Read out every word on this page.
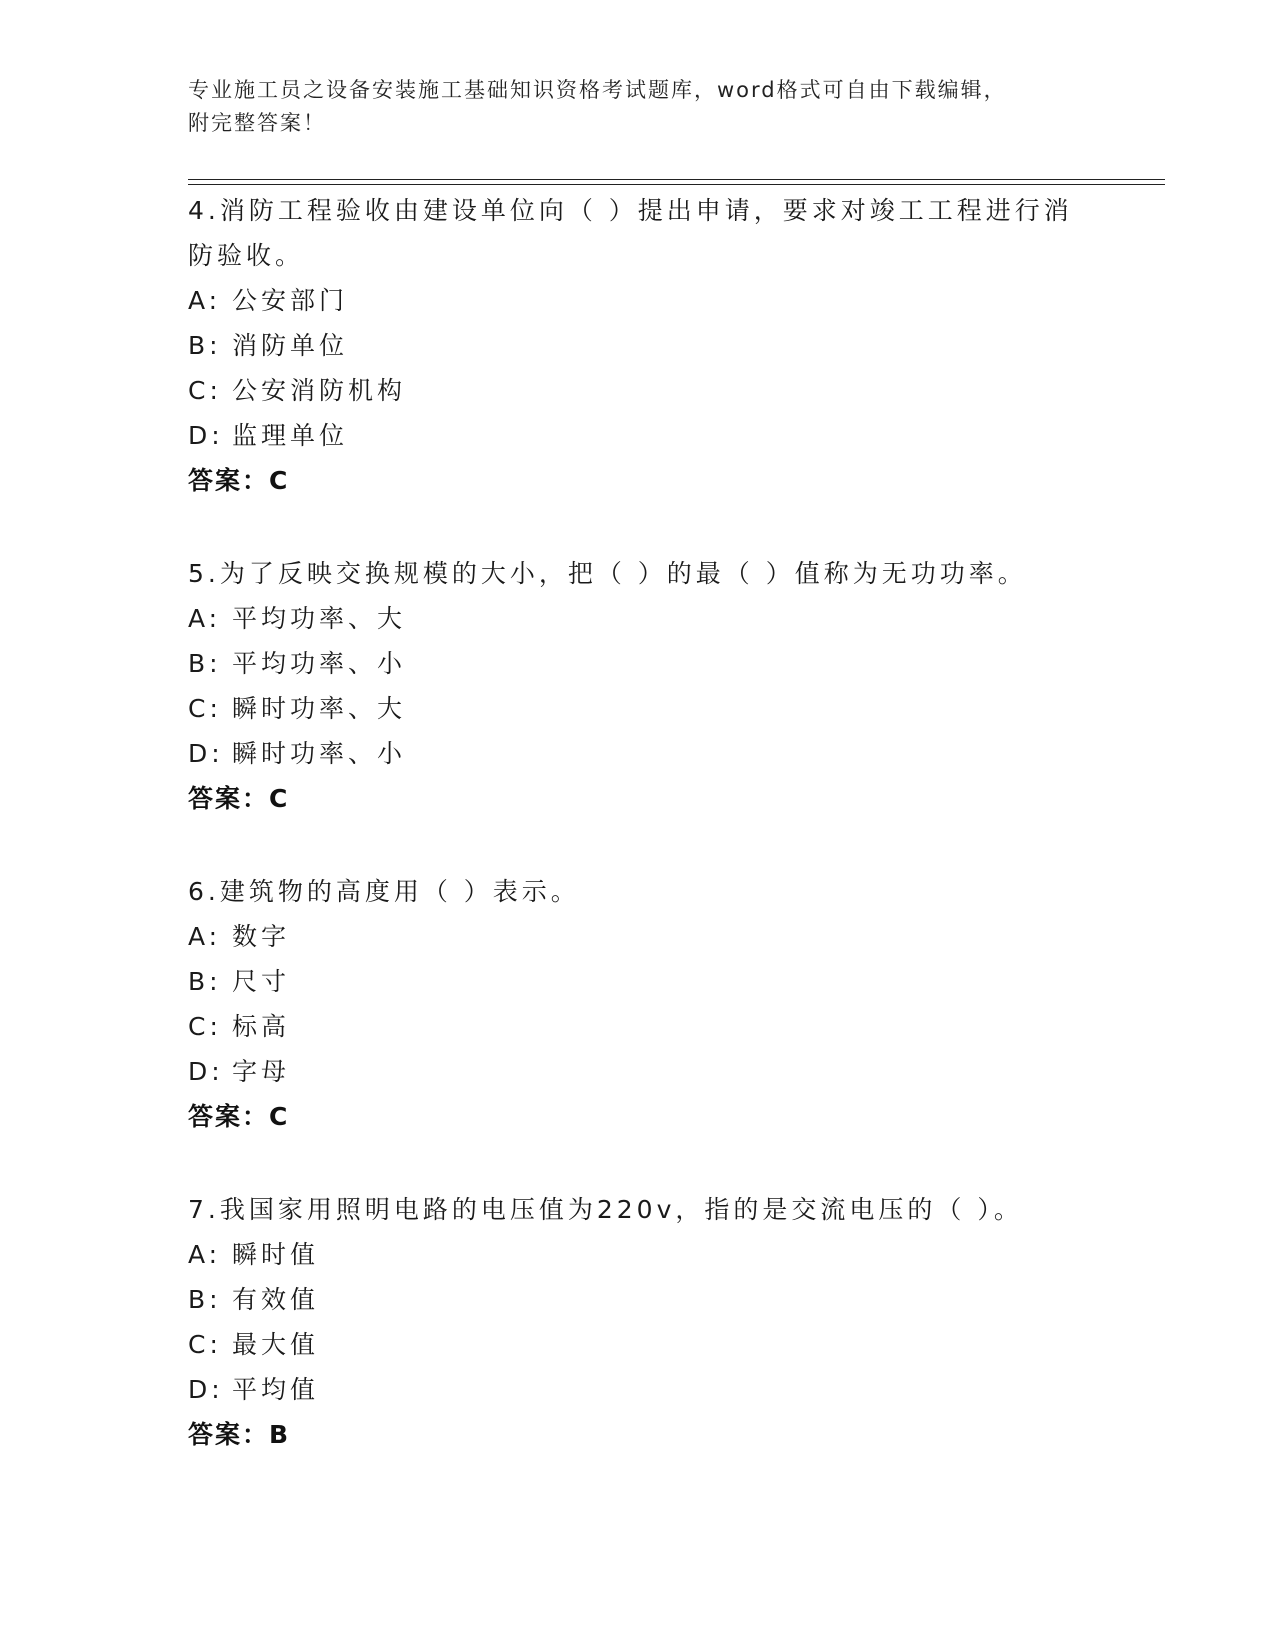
专业施工员之设备安装施工基础知识资格考试题库，word格式可自由下载编辑，
附完整答案！
4.消防工程验收由建设单位向（ ）提出申请，要求对竣工工程进行消
防验收。
A: 公安部门
B: 消防单位
C: 公安消防机构
D: 监理单位
答案：C
5.为了反映交换规模的大小，把（ ）的最（ ）值称为无功功率。
A: 平均功率、大
B: 平均功率、小
C: 瞬时功率、大
D: 瞬时功率、小
答案：C
6.建筑物的高度用（ ）表示。
A: 数字
B: 尺寸
C: 标高
D: 字母
答案：C
7.我国家用照明电路的电压值为220v，指的是交流电压的（ ）。
A: 瞬时值
B: 有效值
C: 最大值
D: 平均值
答案：B
